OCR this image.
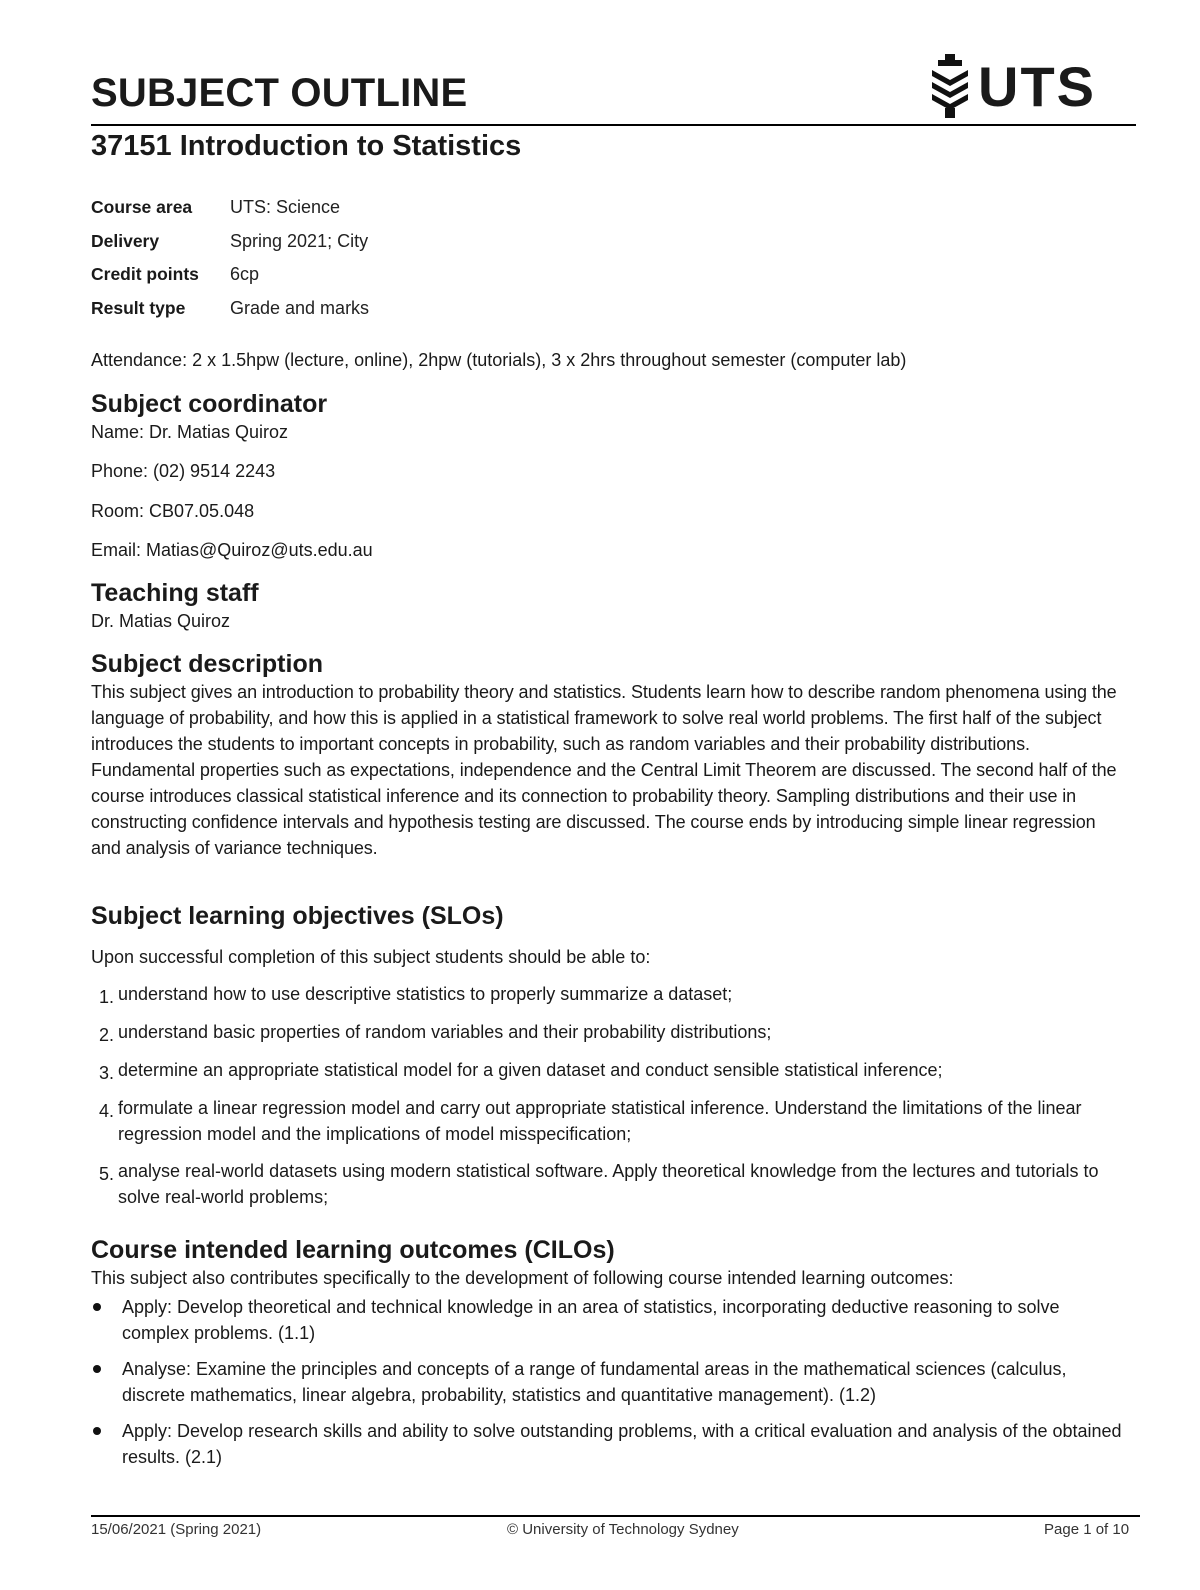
SUBJECT OUTLINE	UTS
37151 Introduction to Statistics
Course area	UTS: Science
Delivery	Spring 2021; City
Credit points	6cp
Result type	Grade and marks

Attendance: 2 x 1.5hpw (lecture, online), 2hpw (tutorials), 3 x 2hrs throughout semester (computer lab)

Subject coordinator

Name: Dr. Matias Quiroz

Phone: (02) 9514 2243

Room: CB07.05.048

Email: Matias@Quiroz@uts.edu.au

Teaching staff

Dr. Matias Quiroz

Subject description

This subject gives an introduction to probability theory and statistics. Students learn how to describe random phenomena using the language of probability, and how this is applied in a statistical framework to solve real world problems. The first half of the subject introduces the students to important concepts in probability, such as random variables and their probability distributions. Fundamental properties such as expectations, independence and the Central Limit Theorem are discussed. The second half of the course introduces classical statistical inference and its connection to probability theory. Sampling distributions and their use in constructing confidence intervals and hypothesis testing are discussed. The course ends by introducing simple linear regression and analysis of variance techniques.

Subject learning objectives (SLOs)

Upon successful completion of this subject students should be able to:

1. understand how to use descriptive statistics to properly summarize a dataset;
2. understand basic properties of random variables and their probability distributions;
3. determine an appropriate statistical model for a given dataset and conduct sensible statistical inference;
4. formulate a linear regression model and carry out appropriate statistical inference. Understand the limitations of the linear regression model and the implications of model misspecification;
5. analyse real-world datasets using modern statistical software. Apply theoretical knowledge from the lectures and tutorials to solve real-world problems;
Course intended learning outcomes (CILOs)

This subject also contributes specifically to the development of following course intended learning outcomes:

Apply: Develop theoretical and technical knowledge in an area of statistics, incorporating deductive reasoning to solve complex problems. (1.1)
Analyse: Examine the principles and concepts of a range of fundamental areas in the mathematical sciences (calculus, discrete mathematics, linear algebra, probability, statistics and quantitative management). (1.2)
Apply: Develop research skills and ability to solve outstanding problems, with a critical evaluation and analysis of the obtained results. (2.1)
15/06/2021 (Spring 2021)	© University of Technology Sydney	Page 1 of 10
